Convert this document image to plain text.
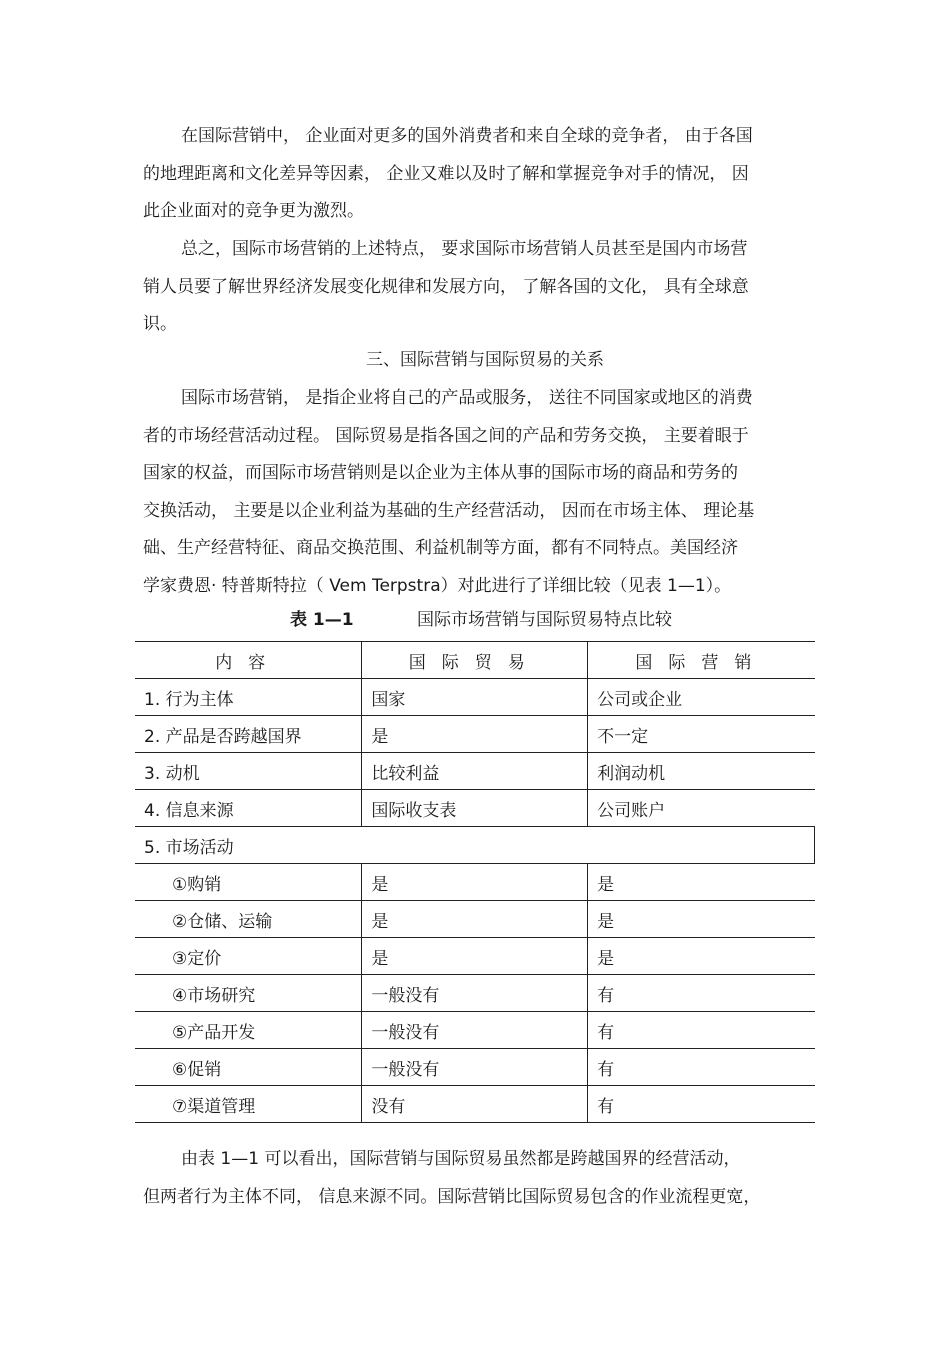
在国际营销中， 企业面对更多的国外消费者和来自全球的竞争者， 由于各国
的地理距离和文化差异等因素， 企业又难以及时了解和掌握竞争对手的情况， 因
此企业面对的竞争更为激烈。

总之，国际市场营销的上述特点， 要求国际市场营销人员甚至是国内市场营
销人员要了解世界经济发展变化规律和发展方向， 了解各国的文化， 具有全球意
识。

三、国际营销与国际贸易的关系

国际市场营销， 是指企业将自己的产品或服务， 送往不同国家或地区的消费
者的市场经营活动过程。 国际贸易是指各国之间的产品和劳务交换， 主要着眼于
国家的权益，而国际市场营销则是以企业为主体从事的国际市场的商品和劳务的
交换活动， 主要是以企业利益为基础的生产经营活动， 因而在市场主体、 理论基
础、生产经营特征、商品交换范围、利益机制等方面，都有不同特点。美国经济
学家费恩· 特普斯特拉（ Vem Terpstra）对此进行了详细比较（见表 1—1）。

表 1—1	国际市场营销与国际贸易特点比较
内容	国际贸易	国际营销
1. 行为主体	国家	公司或企业
2. 产品是否跨越国界	是	不一定
3. 动机	比较利益	利润动机
4. 信息来源	国际收支表	公司账户
5. 市场活动		
①购销	是	是
②仓储、运输	是	是
③定价	是	是
④市场研究	一般没有	有
⑤产品开发	一般没有	有
⑥促销	一般没有	有
⑦渠道管理	没有	有

由表 1—1 可以看出，国际营销与国际贸易虽然都是跨越国界的经营活动，
但两者行为主体不同， 信息来源不同。国际营销比国际贸易包含的作业流程更宽，
